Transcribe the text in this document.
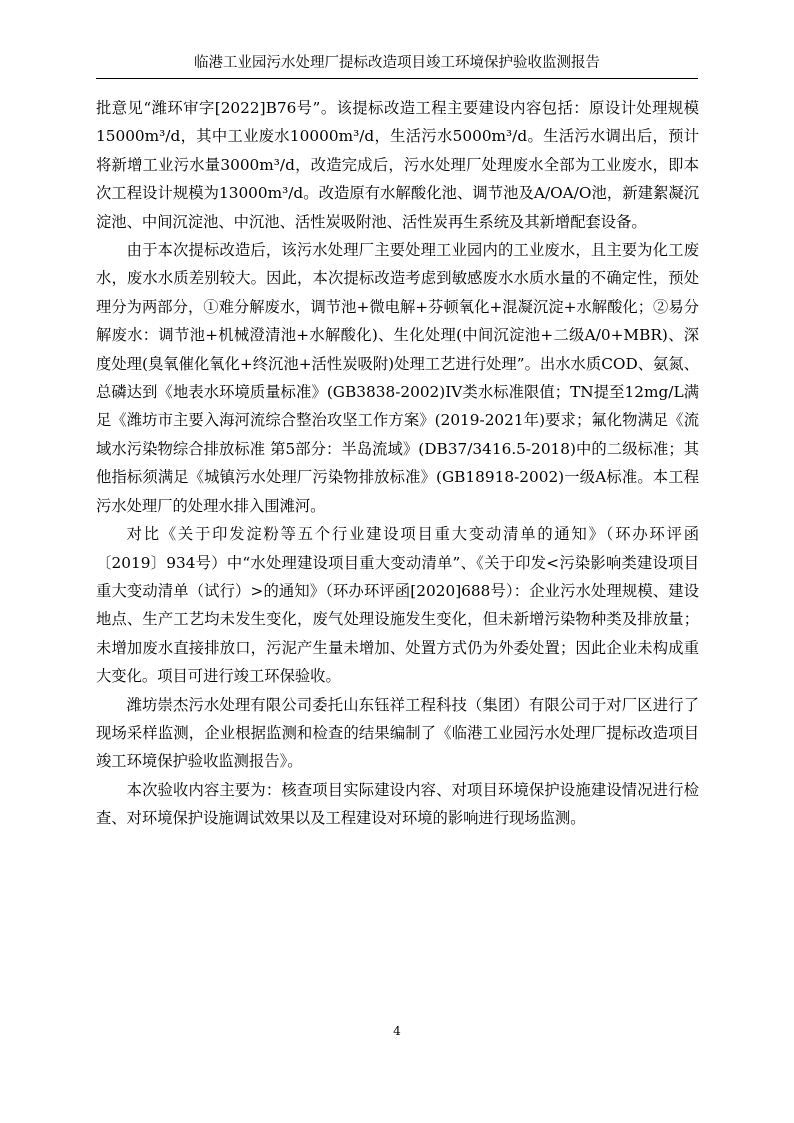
临港工业园污水处理厂提标改造项目竣工环境保护验收监测报告

批意见“潍环审字[2022]B76号”。该提标改造工程主要建设内容包括：原设计处理规模15000m³/d，其中工业废水10000m³/d，生活污水5000m³/d。生活污水调出后，预计将新增工业污水量3000m³/d，改造完成后，污水处理厂处理废水全部为工业废水，即本次工程设计规模为13000m³/d。改造原有水解酸化池、调节池及A/OA/O池，新建絮凝沉淀池、中间沉淀池、中沉池、活性炭吸附池、活性炭再生系统及其新增配套设备。

由于本次提标改造后，该污水处理厂主要处理工业园内的工业废水，且主要为化工废水，废水水质差别较大。因此，本次提标改造考虑到敏感废水水质水量的不确定性，预处理分为两部分，①难分解废水，调节池+微电解+芬顿氧化+混凝沉淀+水解酸化；②易分解废水：调节池+机械澄清池+水解酸化)、生化处理(中间沉淀池+二级A/0+MBR)、深度处理(臭氧催化氧化+终沉池+活性炭吸附)处理工艺进行处理”。出水水质COD、氨氮、总磷达到《地表水环境质量标准》(GB3838-2002)IV类水标准限值；TN提至12mg/L满足《潍坊市主要入海河流综合整治攻坚工作方案》(2019-2021年)要求；氟化物满足《流域水污染物综合排放标准 第5部分：半岛流域》(DB37/3416.5-2018)中的二级标准；其他指标须满足《城镇污水处理厂污染物排放标准》(GB18918-2002)一级A标准。本工程污水处理厂的处理水排入围滩河。

对比《关于印发淀粉等五个行业建设项目重大变动清单的通知》（环办环评函〔2019〕934号）中“水处理建设项目重大变动清单”、《关于印发<污染影响类建设项目重大变动清单（试行）>的通知》（环办环评函[2020]688号）：企业污水处理规模、建设地点、生产工艺均未发生变化，废气处理设施发生变化，但未新增污染物种类及排放量；未增加废水直接排放口，污泥产生量未增加、处置方式仍为外委处置；因此企业未构成重大变化。项目可进行竣工环保验收。

潍坊崇杰污水处理有限公司委托山东钰祥工程科技（集团）有限公司于对厂区进行了现场采样监测，企业根据监测和检查的结果编制了《临港工业园污水处理厂提标改造项目竣工环境保护验收监测报告》。

本次验收内容主要为：核查项目实际建设内容、对项目环境保护设施建设情况进行检查、对环境保护设施调试效果以及工程建设对环境的影响进行现场监测。

4
